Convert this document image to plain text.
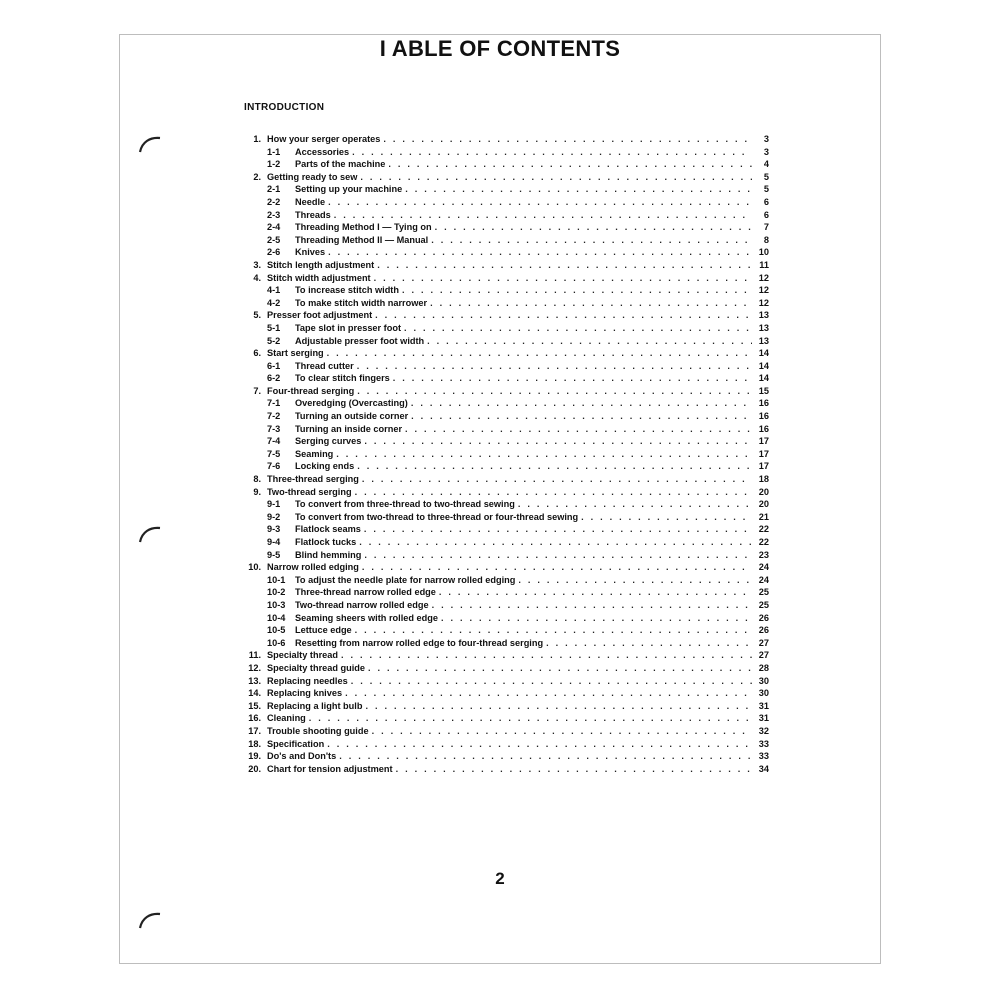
I ABLE OF CONTENTS
INTRODUCTION
1. How your serger operates . . .	3
1-1	Accessories . . .	3
1-2	Parts of the machine . . .	4
2. Getting ready to sew . . .	5
2-1	Setting up your machine . . .	5
2-2	Needle . . .	6
2-3	Threads . . .	6
2-4	Threading Method I — Tying on . . .	7
2-5	Threading Method II — Manual . . .	8
2-6	Knives . . .	10
3. Stitch length adjustment . . .	11
4. Stitch width adjustment . . .	12
4-1	To increase stitch width . . .	12
4-2	To make stitch width narrower . . .	12
5. Presser foot adjustment . . .	13
5-1	Tape slot in presser foot . . .	13
5-2	Adjustable presser foot width . . .	13
6. Start serging . . .	14
6-1	Thread cutter . . .	14
6-2	To clear stitch fingers . . .	14
7. Four-thread serging . . .	15
7-1	Overedging (Overcasting) . . .	16
7-2	Turning an outside corner . . .	16
7-3	Turning an inside corner . . .	16
7-4	Serging curves . . .	17
7-5	Seaming . . .	17
7-6	Locking ends . . .	17
8. Three-thread serging . . .	18
9. Two-thread serging . . .	20
9-1	To convert from three-thread to two-thread sewing . . .	20
9-2	To convert from two-thread to three-thread or four-thread sewing . . .	21
9-3	Flatlock seams . . .	22
9-4	Flatlock tucks . . .	22
9-5	Blind hemming . . .	23
10. Narrow rolled edging . . .	24
10-1	To adjust the needle plate for narrow rolled edging . . .	24
10-2	Three-thread narrow rolled edge . . .	25
10-3	Two-thread narrow rolled edge . . .	25
10-4	Seaming sheers with rolled edge . . .	26
10-5	Lettuce edge . . .	26
10-6	Resetting from narrow rolled edge to four-thread serging . . .	27
11. Specialty thread . . .	27
12. Specialty thread guide . . .	28
13. Replacing needles . . .	30
14. Replacing knives . . .	30
15. Replacing a light bulb . . .	31
16. Cleaning . . .	31
17. Trouble shooting guide . . .	32
18. Specification . . .	33
19. Do's and Don'ts . . .	33
20. Chart for tension adjustment . . .	34
2
